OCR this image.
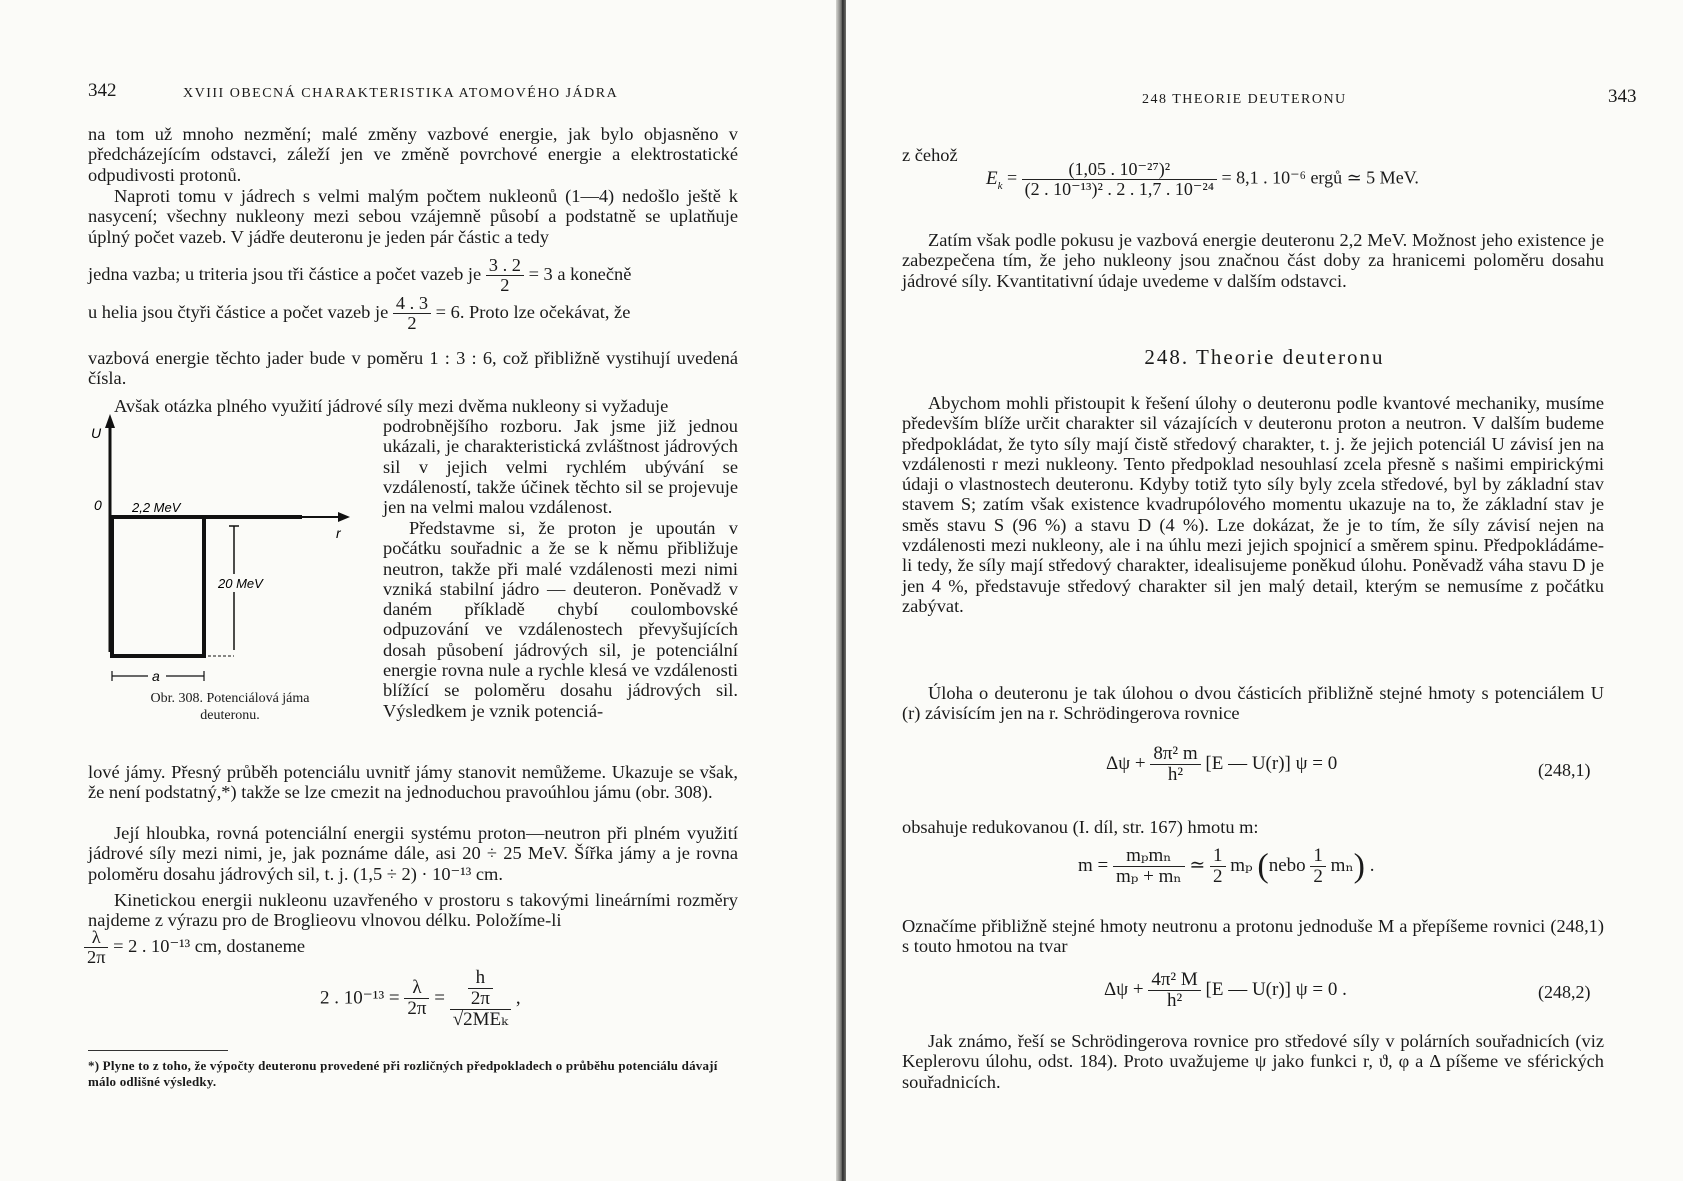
342	XVIII OBECNÁ CHARAKTERISTIKA ATOMOVÉHO JÁDRA
na tom už mnoho nezmění; malé změny vazbové energie, jak bylo objasněno v předcházejícím odstavci, záleží jen ve změně povrchové energie a elektrostatické odpudivosti protonů.
Naproti tomu v jádrech s velmi malým počtem nukleonů (1—4) nedošlo ještě k nasycení; všechny nukleony mezi sebou vzájemně působí a podstatně se uplatňuje úplný počet vazeb. V jádře deuteronu je jeden pár částic a tedy
jedna vazba; u triteria jsou tři částice a počet vazeb je $\frac{3 . 2}{2} = 3$ a konečně
u helia jsou čtyři částice a počet vazeb je $\frac{4 . 3}{2} = 6$. Proto lze očekávat, že
vazbová energie těchto jader bude v poměru 1 : 3 : 6, což přibližně vystihují uvedená čísla.
Avšak otázka plného využití jádrové síly mezi dvěma nukleony si vyžaduje
U
0
r
2,2 MeV
20 MeV
a
Obr. 308. Potenciálová jáma
deuteronu.
podrobnějšího rozboru. Jak jsme již jednou ukázali, je charakteristická zvláštnost jádrových sil v jejich velmi rychlém ubývání se vzdáleností, takže účinek těchto sil se projevuje jen na velmi malou vzdálenost.
Představme si, že proton je upoután v počátku souřadnic a že se k němu přibližuje neutron, takže při malé vzdálenosti mezi nimi vzniká stabilní jádro — deuteron. Poněvadž v daném příkladě chybí coulombovské odpuzování ve vzdálenostech převyšujících dosah působení jádrových sil, je potenciální energie rovna nule a rychle klesá ve vzdálenosti blížící se poloměru dosahu jádrových sil. Výsledkem je vznik potenciá-
lové jámy. Přesný průběh potenciálu uvnitř jámy stanovit nemůžeme. Ukazuje se však, že není podstatný,*) takže se lze cmezit na jednoduchou pravoúhlou jámu (obr. 308).
Její hloubka, rovná potenciální energii systému proton—neutron při plném využití jádrové síly mezi nimi, je, jak poznáme dále, asi 20 ÷ 25 MeV. Šířka jámy a je rovna poloměru dosahu jádrových sil, t. j. (1,5 ÷ 2) · 10⁻¹³ cm.
Kinetickou energii nukleonu uzavřeného v prostoru s takovými lineárními rozměry najdeme z výrazu pro de Broglieovu vlnovou délku. Položíme-li
$\frac{\lambda}{2\pi} = 2$ . 10⁻¹³ cm, dostaneme
2 . $10^{-13} = \frac{\lambda}{2\pi} = \frac{\frac{h}{2\pi}}{\text{√2MEₖ}}$ ,
*) Plyne to z toho, že výpočty deuteronu provedené při rozličných předpokladech o průběhu potenciálu dávají málo odlišné výsledky.
248 THEORIE DEUTERONU	343
z čehož
$E_k = \frac{\text{(1,05 . 10⁻²⁷)²}}{\text{(2 . 10⁻¹³)² . 2 . 1,7 . 10⁻²⁴}} = 8,1$ . 10⁻⁶ ergů ≃ 5 MeV.
Zatím však podle pokusu je vazbová energie deuteronu 2,2 MeV. Možnost jeho existence je zabezpečena tím, že jeho nukleony jsou značnou část doby za hranicemi poloměru dosahu jádrové síly. Kvantitativní údaje uvedeme v dalším odstavci.
248. Theorie deuteronu
Abychom mohli přistoupit k řešení úlohy o deuteronu podle kvantové mechaniky, musíme především blíže určit charakter sil vázajících v deuteronu proton a neutron. V dalším budeme předpokládat, že tyto síly mají čistě středový charakter, t. j. že jejich potenciál U závisí jen na vzdálenosti r mezi nukleony. Tento předpoklad nesouhlasí zcela přesně s našimi empirickými údaji o vlastnostech deuteronu. Kdyby totiž tyto síly byly zcela středové, byl by základní stav stavem S; zatím však existence kvadrupólového momentu ukazuje na to, že základní stav je směs stavu S (96 %) a stavu D (4 %). Lze dokázat, že je to tím, že síly závisí nejen na vzdálenosti mezi nukleony, ale i na úhlu mezi jejich spojnicí a směrem spinu. Předpokládáme-li tedy, že síly mají středový charakter, idealisujeme poněkud úlohu. Poněvadž váha stavu D je jen 4 %, představuje středový charakter sil jen malý detail, kterým se nemusíme z počátku zabývat.
Úloha o deuteronu je tak úlohou o dvou částicích přibližně stejné hmoty s potenciálem U (r) závisícím jen na r. Schrödingerova rovnice
$\Delta\psi + \frac{\text{8π² m}}{\text{h²}} [E$ — U(r)] ψ = 0	(248,1)
obsahuje redukovanou (I. díl, str. 167) hmotu m:
$m = \frac{\text{mₚmₙ}}{\text{mₚ + mₙ}}$ ≃ $\frac{1}{2}$ mₚ (nebo $\frac{1}{2} m_n$) .
Označíme přibližně stejné hmoty neutronu a protonu jednoduše M a přepíšeme rovnici (248,1) s touto hmotou na tvar
$\Delta\psi + \frac{\text{4π² M}}{\text{h²}} [E$ — U(r)] ψ = 0 .	(248,2)
Jak známo, řeší se Schrödingerova rovnice pro středové síly v polárních souřadnicích (viz Keplerovu úlohu, odst. 184). Proto uvažujeme ψ jako funkci r, ϑ, φ a Δ píšeme ve sférických souřadnicích.
